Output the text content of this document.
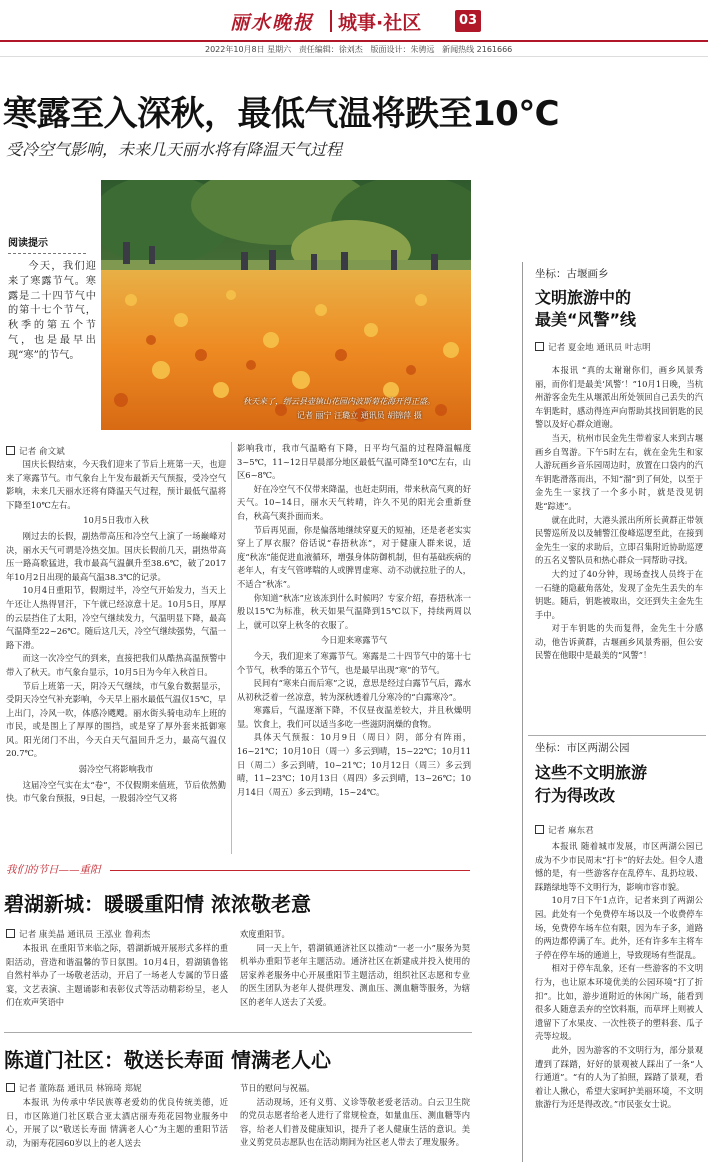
丽水晚报 城事·社区	03
2022年10月8日 星期六 责任编辑：徐刘杰 版面设计：朱骋远 新闻热线 2161666
寒露至入深秋，最低气温将跌至10℃
受冷空气影响，未来几天丽水将有降温天气过程
阅读提示
今天，我们迎来了寒露节气。寒露是二十四节气中的第十七个节气，秋季的第五个节气，也是最早出现“寒”的节气。
秋天来了，缙云县壶镇山花园内波斯菊花海开得正盛。
记者 丽宁 汪璐立 通讯员 胡锦萍 摄
记者 俞文斌

国庆长假结束，今天我们迎来了节后上班第一天，也迎来了寒露节气。市气象台上午发布最新天气预报，受冷空气影响，未来几天丽水还将有降温天气过程，预计最低气温将下降至10℃左右。

10月5日我市入秋

刚过去的长假，副热带高压和冷空气上演了一场巅峰对决，丽水天气可谓是冷热交加。国庆长假前几天，副热带高压一路高歌猛进，我市最高气温飙升至38.6℃，破了2017年10月2日出现的最高气温38.3℃的记录。

10月4日重阳节，假期过半，冷空气开始发力，当天上午还让人热得冒汗，下午就已经凉意十足。10月5日，厚厚的云层挡住了太阳，冷空气继续发力，气温明显下降，最高气温降至22~26℃。随后这几天，冷空气继续强势，气温一路下滑。

而这一次冷空气的到来，直接把我们从酷热高温预警中带入了秋天。市气象台显示，10月5日为今年入秋首日。

节后上班第一天，阴冷天气继续，市气象台数据显示，受阴天冷空气补充影响，今天早上丽水最低气温仅15℃，早上出门，冷风一吹，体感冷飕飕。丽水街头骑电动车上班的市民，或是围上了厚厚的围挡，或是穿了厚外套来抵御寒风。阳光闭门不出，今天白天气温回升乏力，最高气温仅20.7℃。

弱冷空气将影响我市

这届冷空气实在太“卷”，不仅假期来值班，节后依然勤快。市气象台预报，9日起，一股弱冷空气又将

影响我市，我市气温略有下降，日平均气温的过程降温幅度3~5℃，11~12日早晨部分地区最低气温可降至10℃左右，山区6~8℃。

好在冷空气不仅带来降温，也赶走阴雨，带来秋高气爽的好天气。10~14日，丽水天气转晴，许久不见的阳光会重新登台，秋高气爽扑面而来。

节后再见面，你是偏落地继续穿夏天的短袖，还是老老实实穿上了厚衣服？俗话说“春捂秋冻”，对于健康人群来说，适度“秋冻”能促进血液循环，增强身体防御机制，但有基础疾病的老年人，有支气管哮喘的人或脾胃虚寒、动不动就拉肚子的人，不适合“秋冻”。

你知道“秋冻”应该冻到什么时候吗？专家介绍，春捂秋冻一般以15℃为标准，秋天如果气温降到15℃以下，持续两周以上，就可以穿上秋冬的衣服了。

今日迎来寒露节气

今天，我们迎来了寒露节气。寒露是二十四节气中的第十七个节气，秋季的第五个节气，也是最早出现“寒”的节气。

民间有“寒来白而后寒”之说，意思是经过白露节气后，露水从初秋泛着一丝凉意，转为深秋透着几分寒冷的“白露寒冷”。

寒露后，气温逐渐下降，不仅昼夜温差较大，并且秋燥明显。饮食上，我们可以适当多吃一些滋阴润燥的食物。

具体天气预报：10月9日（周日）阴，部分有阵雨，16~21℃；10月10日（周一）多云到晴，15~22℃；10月11日（周二）多云到晴，10~21℃；10月12日（周三）多云到晴，11~23℃；10月13日（周四）多云到晴，13~26℃；10月14日（周五）多云到晴，15~24℃。

我们的节日——重阳
碧湖新城：暖暖重阳情 浓浓敬老意
记者 康美晶 通讯员 王泓业 鲁莉杰

本报讯 在重阳节来临之际，碧湖新城开展形式多样的重阳活动，营造和谐温馨的节日氛围。10月4日，碧湖镇鲁铭自然村举办了一场敬老活动，开启了一场老人专属的节日盛宴，文艺表演、主题诵影和表彰仪式等活动精彩纷呈，老人们在欢声笑语中

欢度重阳节。

同一天上午，碧湖镇通济社区以推动“一老一小”服务为契机举办重阳节老年主题活动。通济社区在新建成并投入使用的居家养老服务中心开展重阳节主题活动，组织社区志愿和专业的医生团队为老年人提供理发、测血压、测血糖等服务，为辖区的老年人送去了关爱。

陈道门社区：敬送长寿面 情满老人心
记者 董陈磊 通讯员 林锦琦 郑妮

本报讯 为传承中华民族尊老爱幼的优良传统美德，近日，市区陈道门社区联合亚太酒店丽寿苑花园物业服务中心，开展了以“敬送长寿面 情满老人心”为主题的重阳节活动，为丽寿花园60岁以上的老人送去

节日的慰问与祝福。

活动现场，还有义剪、义诊等敬老爱老活动。白云卫生院的党员志愿者给老人进行了常规检查，如量血压、测血糖等内容，给老人们普及健康知识，提升了老人健康生活的意识。美业义剪党员志愿队也在活动期间为社区老人带去了理发服务。

坐标：古堰画乡
文明旅游中的
最美“风警”线
记者 夏金地 通讯员 叶志明

本报讯 “真的太谢谢你们，画乡风景秀丽，而你们是最美‘风警’！”10月1日晚，当杭州游客金先生从堰派出所处领回自己丢失的汽车钥匙时，感动得连声向帮助其找回钥匙的民警以及好心群众道谢。

当天，杭州市民金先生带着家人来到古堰画乡自驾游。下午5时左右，就在金先生和家人游玩画乡音乐园周边时，放置在口袋内的汽车钥匙滑落而出，不知“溜”到了何处，以至于金先生一家找了一个多小时，就是没见钥匙“踪迹”。

就在此时，大港头派出所所长黄群正带领民警巡所及以及辅警江俊峰巡逻至此，在接到金先生一家的求助后，立即召集附近协助巡逻的五名义警队员和热心群众一同帮助寻找。

大约过了40分钟，现场查找人员终于在一石缝的隐蔽角落处，发现了金先生丢失的车钥匙。随后，钥匙被取出，交还到失主金先生手中。

对于车钥匙的失而复得，金先生十分感动，他告诉黄群，古堰画乡风景秀丽，但公安民警在他眼中是最美的“风警”！

坐标：市区两湖公园
这些不文明旅游
行为得改改
记者 麻东君

本报讯 随着城市发展，市区两湖公园已成为不少市民周末“打卡”的好去处。但令人遗憾的是，有一些游客存在乱停车、乱扔垃圾、踩踏绿地等不文明行为，影响市容市貌。

10月7日下午1点许，记者来到了两湖公园。此处有一个免费停车场以及一个收费停车场，免费停车场车位有限，因为车子多，道路的两边都停满了车。此外，还有许多车主将车子停在停车场的通道上，导致现场有些混乱。

相对于停车乱象，还有一些游客的不文明行为，也让原本环境优美的公园环境“打了折扣”。比如，游步道附近的休闲广场，能看到很多人随意丢弃的空饮料瓶，而草坪上则被人遗留下了水果皮、一次性筷子的塑料套、瓜子壳等垃圾。

此外，因为游客的不文明行为，部分景观遭到了踩踏，好好的景观被人踩出了一条“人行通道”。“有的人为了拍照，踩踏了景观，看着让人揪心，希望大家呵护美丽环境，不文明旅游行为还是得改改。”市民张女士说。
